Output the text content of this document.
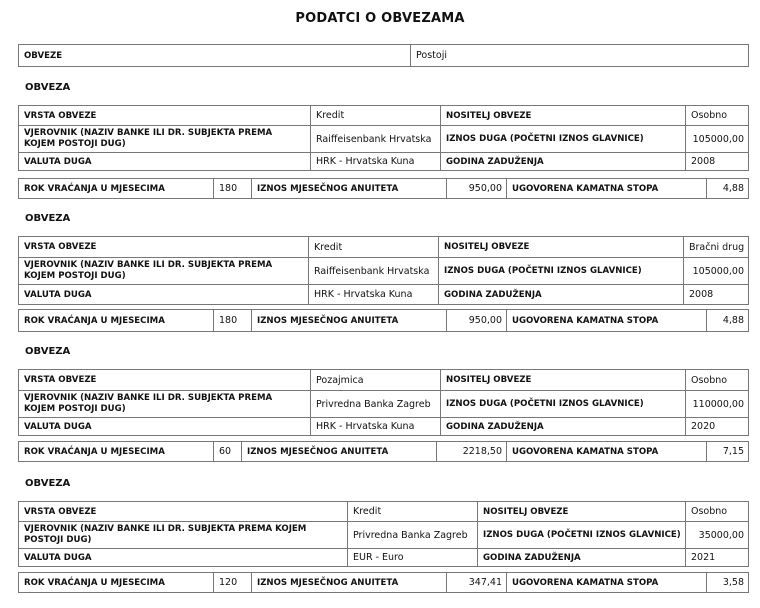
PODATCI O OBVEZAMA
OBVEZE	Postoji
OBVEZA
VRSTA OBVEZE	Kredit	NOSITELJ OBVEZE	Osobno
VJEROVNIK (NAZIV BANKE ILI DR. SUBJEKTA PREMA KOJEM POSTOJI DUG)	Raiffeisenbank Hrvatska	IZNOS DUGA (POČETNI IZNOS GLAVNICE)	105000,00
VALUTA DUGA	HRK - Hrvatska Kuna	GODINA ZADUŽENJA	2008
ROK VRAĆANJA U MJESECIMA	180	IZNOS MJESEČNOG ANUITETA	950,00	UGOVORENA KAMATNA STOPA	4,88
OBVEZA
VRSTA OBVEZE	Kredit	NOSITELJ OBVEZE	Bračni drug
VJEROVNIK (NAZIV BANKE ILI DR. SUBJEKTA PREMA KOJEM POSTOJI DUG)	Raiffeisenbank Hrvatska	IZNOS DUGA (POČETNI IZNOS GLAVNICE)	105000,00
VALUTA DUGA	HRK - Hrvatska Kuna	GODINA ZADUŽENJA	2008
ROK VRAĆANJA U MJESECIMA	180	IZNOS MJESEČNOG ANUITETA	950,00	UGOVORENA KAMATNA STOPA	4,88
OBVEZA
VRSTA OBVEZE	Pozajmica	NOSITELJ OBVEZE	Osobno
VJEROVNIK (NAZIV BANKE ILI DR. SUBJEKTA PREMA KOJEM POSTOJI DUG)	Privredna Banka Zagreb	IZNOS DUGA (POČETNI IZNOS GLAVNICE)	110000,00
VALUTA DUGA	HRK - Hrvatska Kuna	GODINA ZADUŽENJA	2020
ROK VRAĆANJA U MJESECIMA	60	IZNOS MJESEČNOG ANUITETA	2218,50	UGOVORENA KAMATNA STOPA	7,15
OBVEZA
VRSTA OBVEZE	Kredit	NOSITELJ OBVEZE	Osobno
VJEROVNIK (NAZIV BANKE ILI DR. SUBJEKTA PREMA KOJEM POSTOJI DUG)	Privredna Banka Zagreb	IZNOS DUGA (POČETNI IZNOS GLAVNICE)	35000,00
VALUTA DUGA	EUR - Euro	GODINA ZADUŽENJA	2021
ROK VRAĆANJA U MJESECIMA	120	IZNOS MJESEČNOG ANUITETA	347,41	UGOVORENA KAMATNA STOPA	3,58
